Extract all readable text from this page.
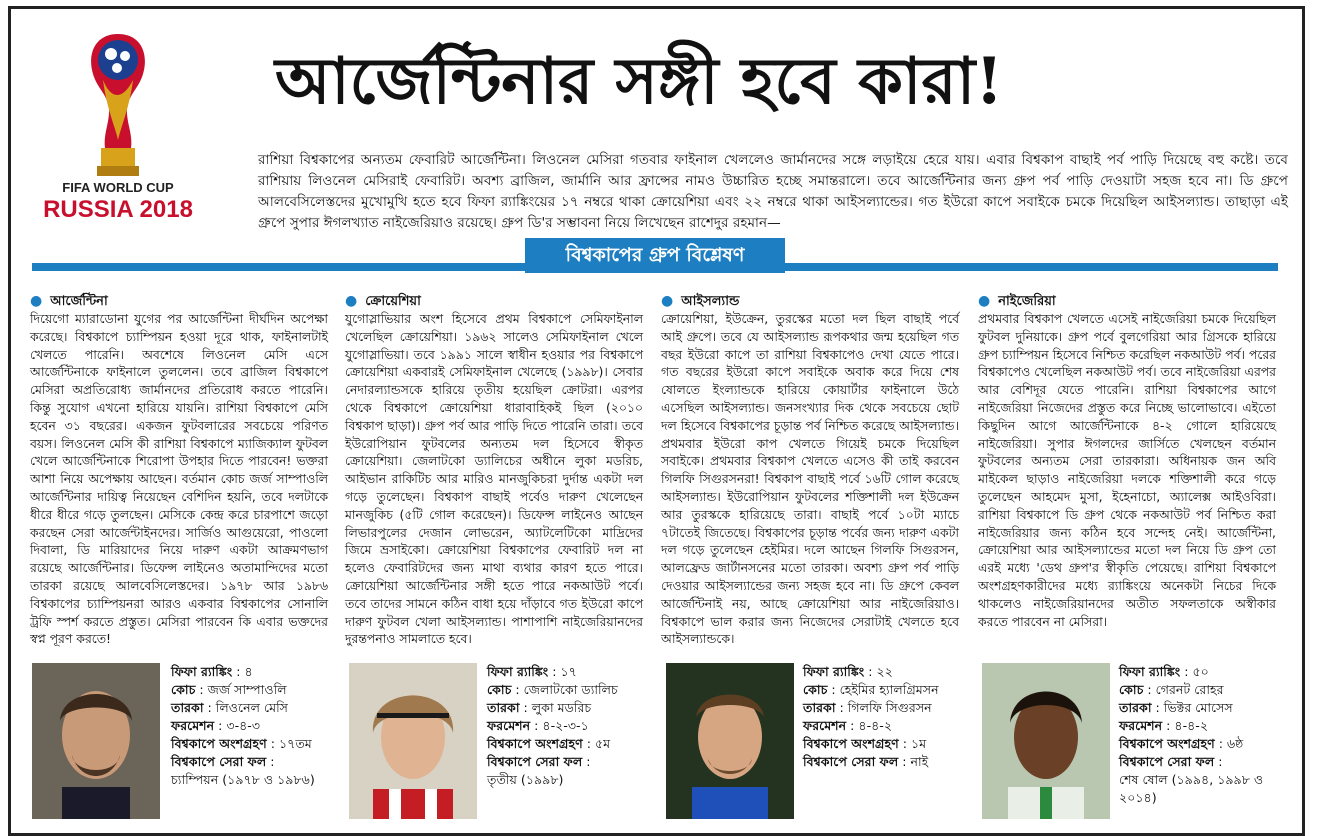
FIFA WORLD CUP
RUSSIA 2018
আর্জেন্টিনার সঙ্গী হবে কারা!
রাশিয়া বিশ্বকাপের অন্যতম ফেবারিট আর্জেন্টিনা। লিওনেল মেসিরা গতবার ফাইনাল খেললেও জার্মানদের সঙ্গে লড়াইয়ে হেরে যায়। এবার বিশ্বকাপ বাছাই পর্ব পাড়ি দিয়েছে বহু কষ্টে। তবে রাশিয়ায় লিওনেল মেসিরাই ফেবারিট। অবশ্য ব্রাজিল, জার্মানি আর ফ্রান্সের নামও উচ্চারিত হচ্ছে সমান্তরালে। তবে আর্জেন্টিনার জন্য গ্রুপ পর্ব পাড়ি দেওয়াটা সহজ হবে না। ডি গ্রুপে আলবেসিলেস্তদের মুখোমুখি হতে হবে ফিফা র‌্যাঙ্কিংয়ের ১৭ নম্বরে থাকা ক্রোয়েশিয়া এবং ২২ নম্বরে থাকা আইসল্যান্ডের। গত ইউরো কাপে সবাইকে চমকে দিয়েছিল আইসল্যান্ড। তাছাড়া এই গ্রুপে সুপার ঈগলখ্যাত নাইজেরিয়াও রয়েছে। গ্রুপ ডি'র সম্ভাবনা নিয়ে লিখেছেন রাশেদুর রহমান—
বিশ্বকাপের গ্রুপ বিশ্লেষণ
● আর্জেন্টিনা
দিয়েগো ম্যারাডোনা যুগের পর আর্জেন্টিনা দীর্ঘদিন অপেক্ষা করেছে। বিশ্বকাপে চ্যাম্পিয়ন হওয়া দূরে থাক, ফাইনালটাই খেলতে পারেনি। অবশেষে লিওনেল মেসি এসে আর্জেন্টিনাকে ফাইনালে তুললেন। তবে ব্রাজিল বিশ্বকাপে মেসিরা অপ্রতিরোধ্য জার্মানদের প্রতিরোধ করতে পারেনি। কিন্তু সুযোগ এখনো হারিয়ে যায়নি। রাশিয়া বিশ্বকাপে মেসি হবেন ৩১ বছরের। একজন ফুটবলারের সবচেয়ে পরিণত বয়স। লিওনেল মেসি কী রাশিয়া বিশ্বকাপে ম্যাজিক্যাল ফুটবল খেলে আর্জেন্টিনাকে শিরোপা উপহার দিতে পারবেন! ভক্তরা আশা নিয়ে অপেক্ষায় আছেন। বর্তমান কোচ জর্জ সাম্পাওলি আর্জেন্টিনার দায়িত্ব নিয়েছেন বেশিদিন হয়নি, তবে দলটাকে ধীরে ধীরে গড়ে তুলছেন। মেসিকে কেন্দ্র করে চারপাশে জড়ো করছেন সেরা আর্জেন্টাইনদের। সার্জিও আগুয়েরো, পাওলো দিবালা, ডি মারিয়াদের নিয়ে দারুণ একটা আক্রমণভাগ রয়েছে আর্জেন্টিনার। ডিফেন্স লাইনেও অতামান্দিদের মতো তারকা রয়েছে আলবেসিলেস্তদের। ১৯৭৮ আর ১৯৮৬ বিশ্বকাপের চ্যাম্পিয়নরা আরও একবার বিশ্বকাপের সোনালি ট্রফি স্পর্শ করতে প্রস্তুত। মেসিরা পারবেন কি এবার ভক্তদের স্বপ্ন পূরণ করতে!
● ক্রোয়েশিয়া
যুগোস্লাভিয়ার অংশ হিসেবে প্রথম বিশ্বকাপে সেমিফাইনাল খেলেছিল ক্রোয়েশিয়া। ১৯৬২ সালেও সেমিফাইনাল খেলে যুগোস্লাভিয়া। তবে ১৯৯১ সালে স্বাধীন হওয়ার পর বিশ্বকাপে ক্রোয়েশিয়া একবারই সেমিফাইনাল খেলেছে (১৯৯৮)। সেবার নেদারল্যান্ডসকে হারিয়ে তৃতীয় হয়েছিল ক্রোটরা। এরপর থেকে বিশ্বকাপে ক্রোয়েশিয়া ধারাবাহিকই ছিল (২০১০ বিশ্বকাপ ছাড়া)। গ্রুপ পর্ব আর পাড়ি দিতে পারেনি তারা। তবে ইউরোপিয়ান ফুটবলের অন্যতম দল হিসেবে স্বীকৃত ক্রোয়েশিয়া। জেলাটকো ড্যালিচের অধীনে লুকা মডরিচ, আইভান রাকিটিচ আর মারিও মানজুকিচরা দুর্দান্ত একটা দল গড়ে তুলেছেন। বিশ্বকাপ বাছাই পর্বেও দারুণ খেলেছেন মানজুকিচ (৫টি গোল করেছেন)। ডিফেন্স লাইনেও আছেন লিভারপুলের দেজান লোভরেন, অ্যাটলেটিকো মাদ্রিদের জিমে ভ্রসাইকো। ক্রোয়েশিয়া বিশ্বকাপের ফেবারিট দল না হলেও ফেবারিটদের জন্য মাথা ব্যথার কারণ হতে পারে। ক্রোয়েশিয়া আর্জেন্টিনার সঙ্গী হতে পারে নকআউট পর্বে। তবে তাদের সামনে কঠিন বাধা হয়ে দাঁড়াবে গত ইউরো কাপে দারুণ ফুটবল খেলা আইসল্যান্ড। পাশাপাশি নাইজেরিয়ানদের দুরন্তপনাও সামলাতে হবে।
● আইসল্যান্ড
ক্রোয়েশিয়া, ইউক্রেন, তুরস্কের মতো দল ছিল বাছাই পর্বে আই গ্রুপে। তবে যে আইসল্যান্ড রূপকথার জন্ম হয়েছিল গত বছর ইউরো কাপে তা রাশিয়া বিশ্বকাপেও দেখা যেতে পারে। গত বছরের ইউরো কাপে সবাইকে অবাক করে দিয়ে শেষ ষোলতে ইংল্যান্ডকে হারিয়ে কোয়ার্টার ফাইনালে উঠে এসেছিল আইসল্যান্ড। জনসংখ্যার দিক থেকে সবচেয়ে ছোট দল হিসেবে বিশ্বকাপের চূড়ান্ত পর্ব নিশ্চিত করেছে আইসল্যান্ড। প্রথমবার ইউরো কাপ খেলতে গিয়েই চমকে দিয়েছিল সবাইকে। প্রথমবার বিশ্বকাপ খেলতে এসেও কী তাই করবেন গিলফি সিগুরসনরা! বিশ্বকাপ বাছাই পর্বে ১৬টি গোল করেছে আইসল্যান্ড। ইউরোপিয়ান ফুটবলের শক্তিশালী দল ইউক্রেন আর তুরস্ককে হারিয়েছে তারা। বাছাই পর্বে ১০টা ম্যাচে ৭টাতেই জিতেছে। বিশ্বকাপের চূড়ান্ত পর্বের জন্য দারুণ একটা দল গড়ে তুলেছেন হেইমির। দলে আছেন গিলফি সিগুরসন, আলফ্রেড জার্টানসনের মতো তারকা। অবশ্য গ্রুপ পর্ব পাড়ি দেওয়ার আইসল্যান্ডের জন্য সহজ হবে না। ডি গ্রুপে কেবল আর্জেন্টিনাই নয়, আছে ক্রোয়েশিয়া আর নাইজেরিয়াও। বিশ্বকাপে ভাল করার জন্য নিজেদের সেরাটাই খেলতে হবে আইসল্যান্ডকে।
● নাইজেরিয়া
প্রথমবার বিশ্বকাপ খেলতে এসেই নাইজেরিয়া চমকে দিয়েছিল ফুটবল দুনিয়াকে। গ্রুপ পর্বে বুলগেরিয়া আর গ্রিসকে হারিয়ে গ্রুপ চ্যাম্পিয়ন হিসেবে নিশ্চিত করেছিল নকআউট পর্ব। পরের বিশ্বকাপেও খেলেছিল নকআউট পর্ব। তবে নাইজেরিয়া এরপর আর বেশিদূর যেতে পারেনি। রাশিয়া বিশ্বকাপের আগে নাইজেরিয়া নিজেদের প্রস্তুত করে নিচ্ছে ভালোভাবে। এইতো কিছুদিন আগে আর্জেন্টিনাকে ৪-২ গোলে হারিয়েছে নাইজেরিয়া। সুপার ঈগলদের জার্সিতে খেলছেন বর্তমান ফুটবলের অন্যতম সেরা তারকারা। অধিনায়ক জন অবি মাইকেল ছাড়াও নাইজেরিয়া দলকে শক্তিশালী করে গড়ে তুলেছেন আহমেদ মুসা, ইহেনাচো, অ্যালেক্স আইওবিরা। রাশিয়া বিশ্বকাপে ডি গ্রুপ থেকে নকআউট পর্ব নিশ্চিত করা নাইজেরিয়ার জন্য কঠিন হবে সন্দেহ নেই। আর্জেন্টিনা, ক্রোয়েশিয়া আর আইসল্যান্ডের মতো দল নিয়ে ডি গ্রুপ তো এরই মধ্যে 'ডেথ গ্রুপ'র স্বীকৃতি পেয়েছে। রাশিয়া বিশ্বকাপে অংশগ্রহণকারীদের মধ্যে র‌্যাঙ্কিংয়ে অনেকটা নিচের দিকে থাকলেও নাইজেরিয়ানদের অতীত সফলতাকে অস্বীকার করতে পারবেন না মেসিরা।
ফিফা র‌্যাঙ্কিং : ৪
কোচ : জর্জ সাম্পাওলি
তারকা : লিওনেল মেসি
ফরমেশন : ৩-৪-৩
বিশ্বকাপে অংশগ্রহণ : ১৭তম
বিশ্বকাপে সেরা ফল :
চ্যাম্পিয়ন (১৯৭৮ ও ১৯৮৬)
ফিফা র‌্যাঙ্কিং : ১৭
কোচ : জেলাটকো ড্যালিচ
তারকা : লুকা মডরিচ
ফরমেশন : ৪-২-৩-১
বিশ্বকাপে অংশগ্রহণ : ৫ম
বিশ্বকাপে সেরা ফল :
তৃতীয় (১৯৯৮)
ফিফা র‌্যাঙ্কিং : ২২
কোচ : হেইমির হ্যালগ্রিমসন
তারকা : গিলফি সিগুরসন
ফরমেশন : ৪-৪-২
বিশ্বকাপে অংশগ্রহণ : ১ম
বিশ্বকাপে সেরা ফল : নাই
ফিফা র‌্যাঙ্কিং : ৫০
কোচ : গেরনট রোহর
তারকা : ভিক্টর মোসেস
ফরমেশন : ৪-৪-২
বিশ্বকাপে অংশগ্রহণ : ৬ষ্ঠ
বিশ্বকাপে সেরা ফল :
শেষ ষোল (১৯৯৪, ১৯৯৮ ও ২০১৪)
